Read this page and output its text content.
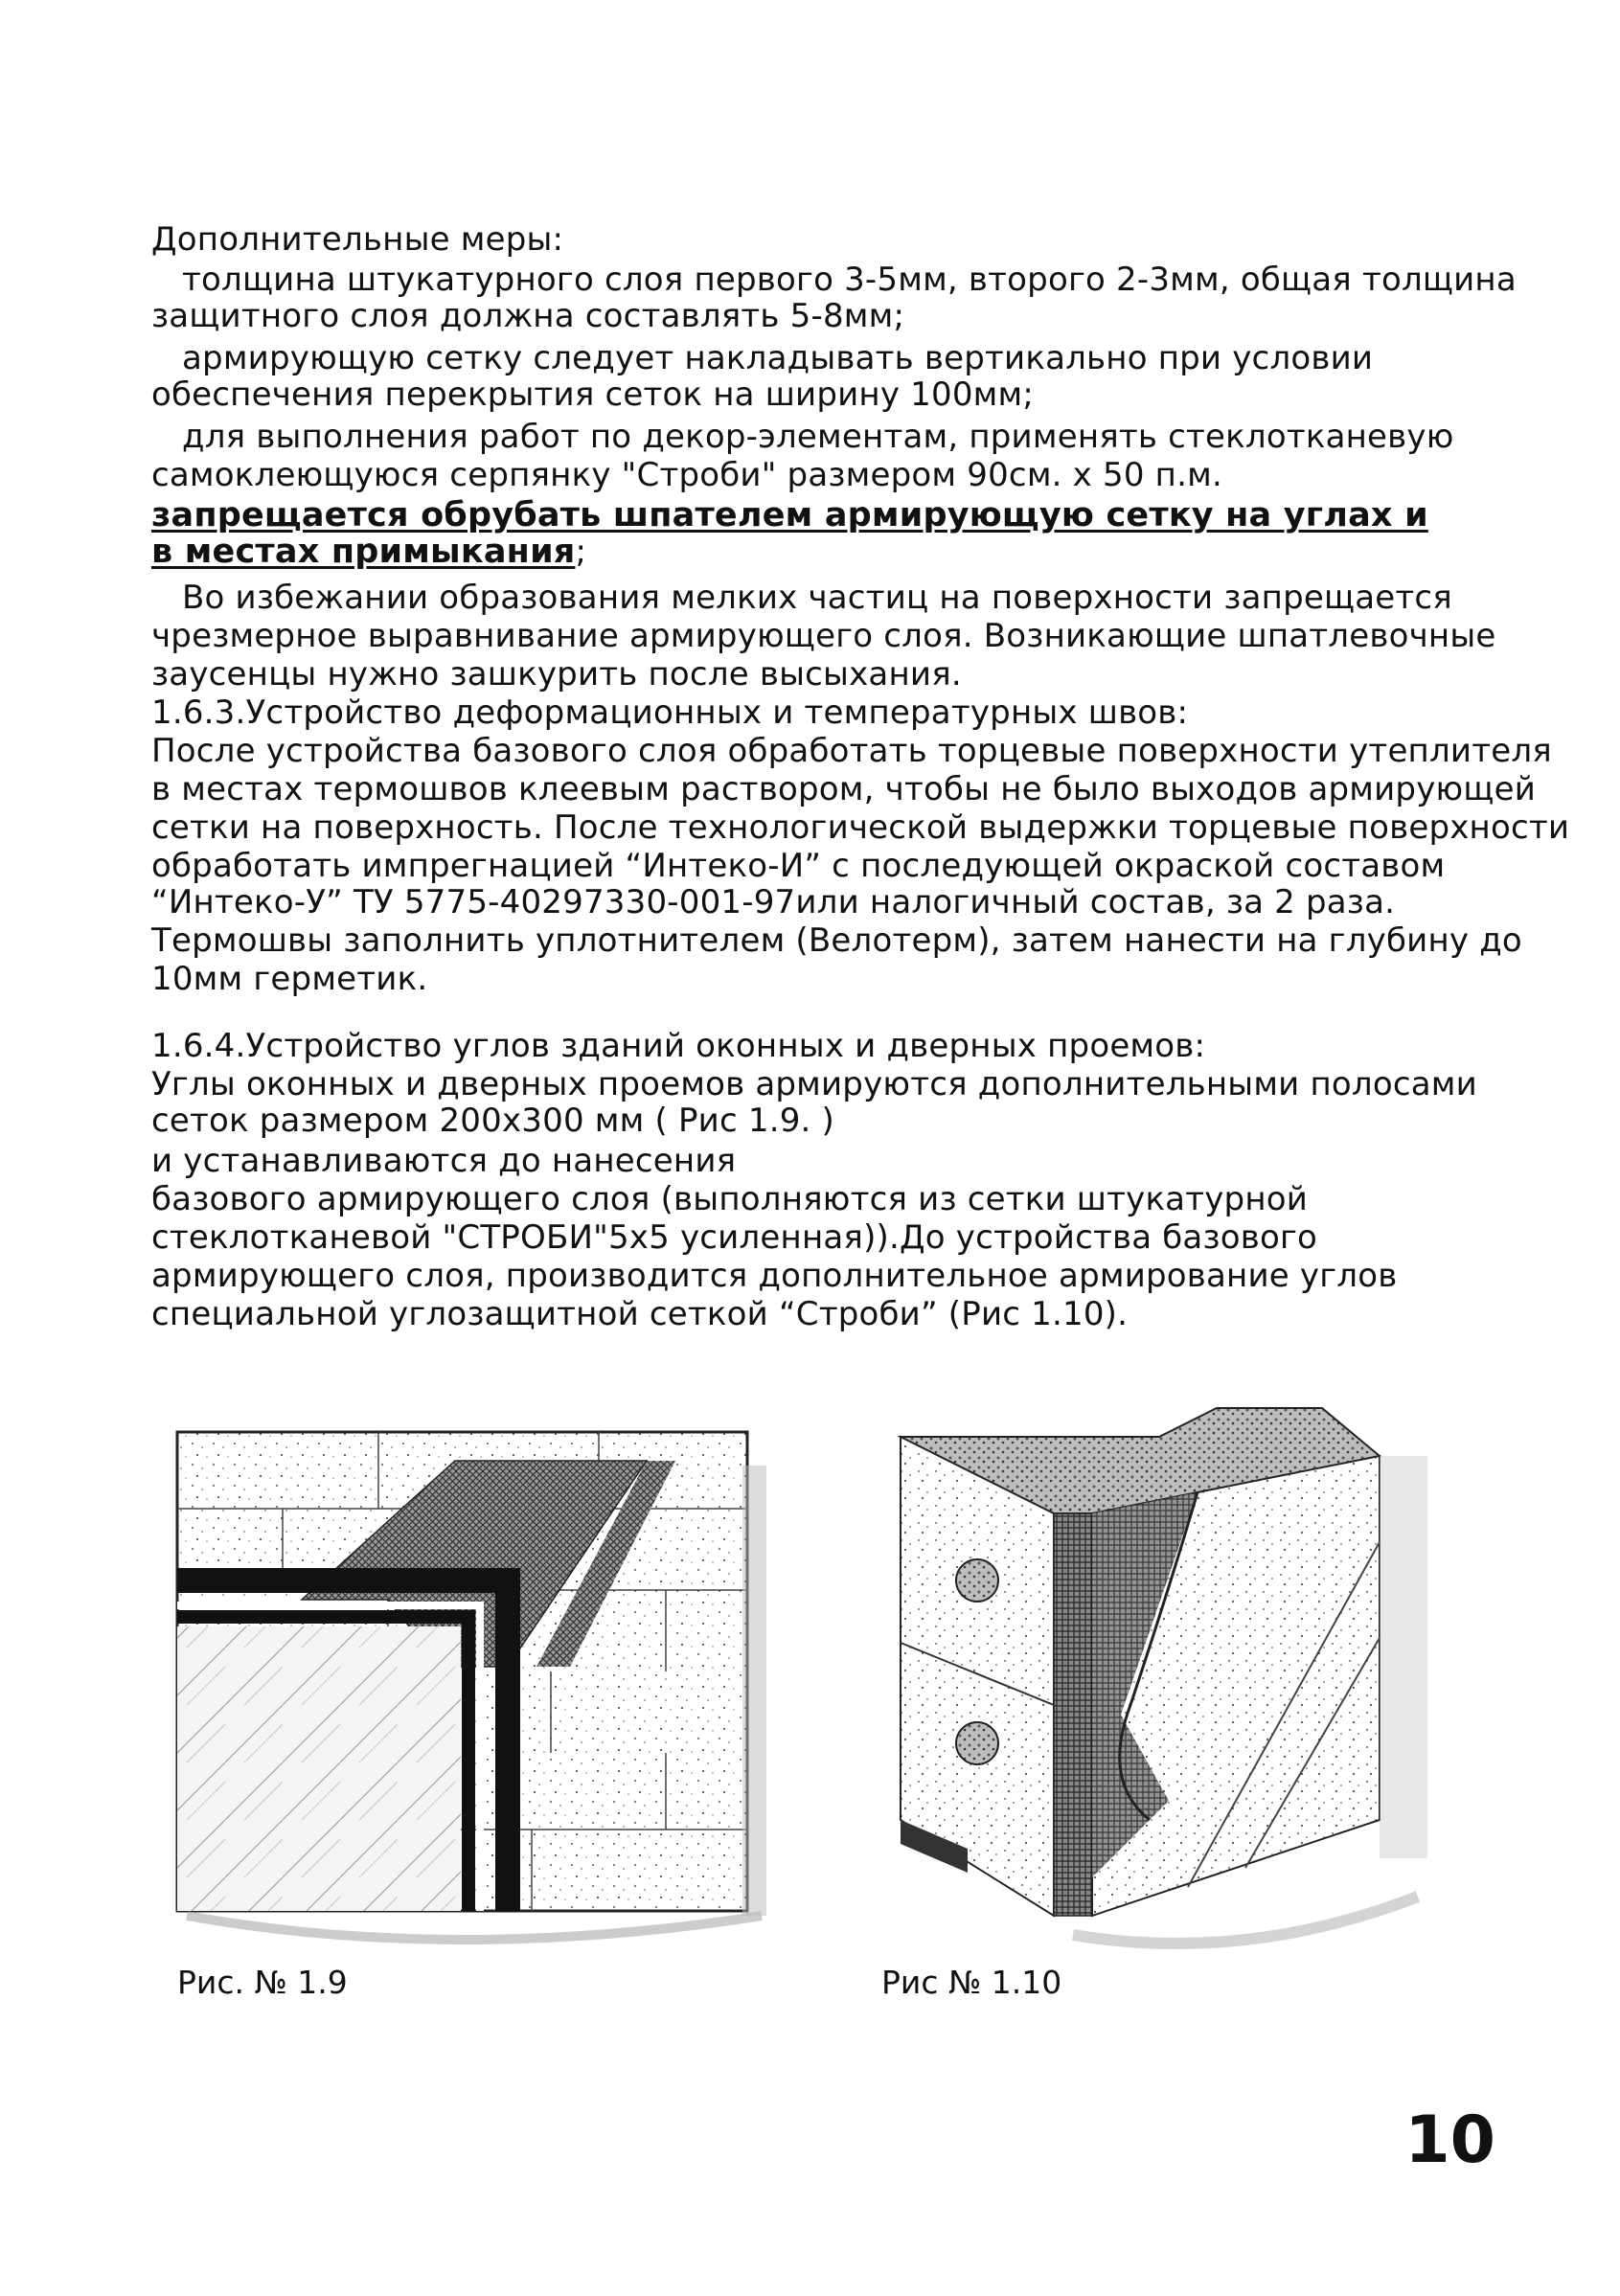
Дополнительные меры:
толщина штукатурного слоя первого 3-5мм, второго 2-3мм, общая толщина
защитного слоя должна составлять 5-8мм;
армирующую сетку следует накладывать вертикально при условии
обеспечения перекрытия сеток на ширину 100мм;
для выполнения работ по декор-элементам, применять стеклотканевую
самоклеющуюся серпянку "Строби" размером 90см. х 50 п.м.
запрещается обрубать шпателем армирующую сетку на углах и
в местах примыкания;
Во избежании образования мелких частиц на поверхности запрещается
чрезмерное выравнивание армирующего слоя. Возникающие шпатлевочные
заусенцы нужно зашкурить после высыхания.
1.6.3.Устройство деформационных и температурных швов:
После устройства базового слоя обработать торцевые поверхности утеплителя
в местах термошвов клеевым раствором, чтобы не было выходов армирующей
сетки на поверхность. После технологической выдержки торцевые поверхности
обработать импрегнацией “Интеко-И” с последующей окраской составом
“Интеко-У” ТУ 5775-40297330-001-97или налогичный состав, за 2 раза.
Термошвы заполнить уплотнителем (Велотерм), затем нанести на глубину до
10мм герметик.
1.6.4.Устройство углов зданий оконных и дверных проемов:
Углы оконных и дверных проемов армируются дополнительными полосами
сеток размером 200х300 мм ( Рис 1.9. )
и устанавливаются до нанесения
базового армирующего слоя (выполняются из сетки штукатурной
стеклотканевой "СТРОБИ"5х5 усиленная)).До устройства базового
армирующего слоя, производится дополнительное армирование углов
специальной углозащитной сеткой “Строби” (Рис 1.10).
Рис. № 1.9	Рис № 1.10
10
